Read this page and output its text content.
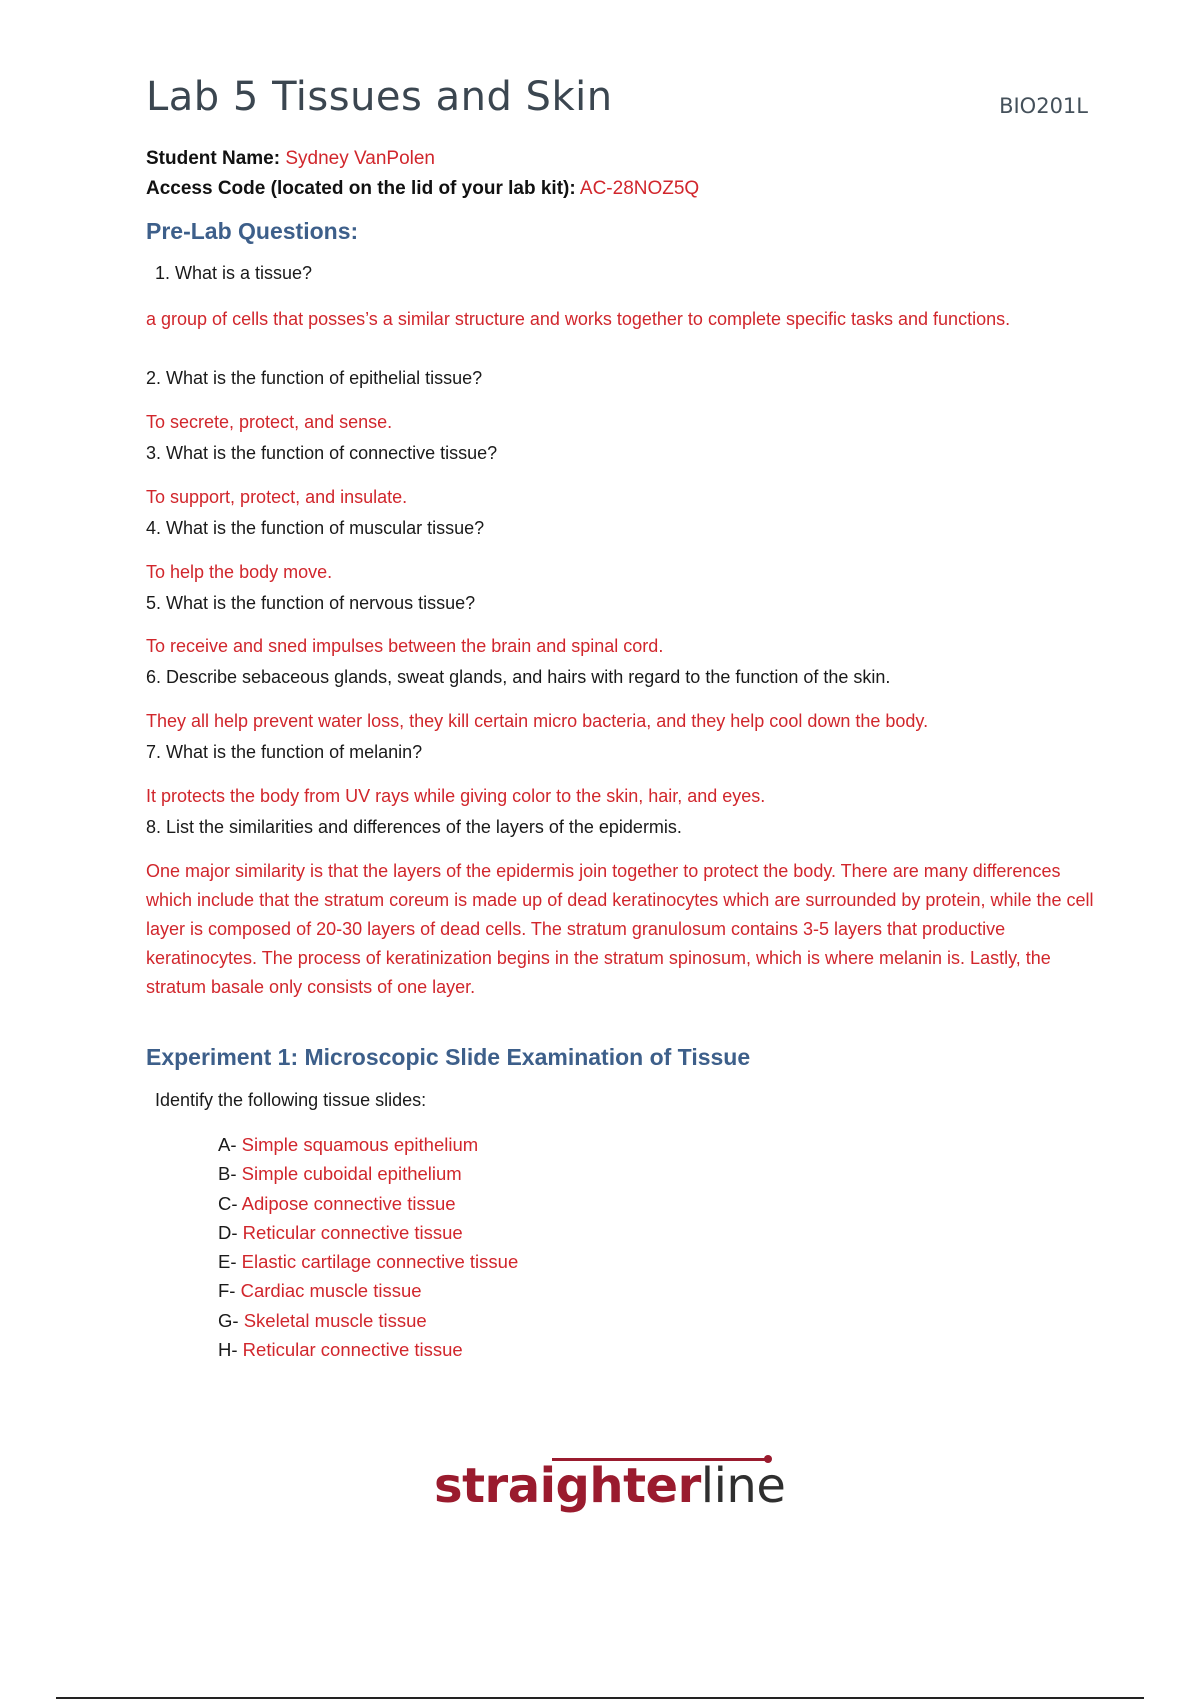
Lab 5 Tissues and Skin	BIO201L
Student Name: Sydney VanPolen
Access Code (located on the lid of your lab kit): AC-28NOZ5Q
Pre-Lab Questions:
1. What is a tissue?
a group of cells that posses’s a similar structure and works together to complete specific tasks and functions.
2. What is the function of epithelial tissue?
To secrete, protect, and sense.
3. What is the function of connective tissue?
To support, protect, and insulate.
4. What is the function of muscular tissue?
To help the body move.
5. What is the function of nervous tissue?
To receive and sned impulses between the brain and spinal cord.
6. Describe sebaceous glands, sweat glands, and hairs with regard to the function of the skin.
They all help prevent water loss, they kill certain micro bacteria, and they help cool down the body.
7. What is the function of melanin?
It protects the body from UV rays while giving color to the skin, hair, and eyes.
8. List the similarities and differences of the layers of the epidermis.
One major similarity is that the layers of the epidermis join together to protect the body. There are many differences which include that the stratum coreum is made up of dead keratinocytes which are surrounded by protein, while the cell layer is composed of 20-30 layers of dead cells. The stratum granulosum contains 3-5 layers that productive keratinocytes. The process of keratinization begins in the stratum spinosum, which is where melanin is. Lastly, the stratum basale only consists of one layer.
Experiment 1: Microscopic Slide Examination of Tissue
Identify the following tissue slides:
A- Simple squamous epithelium
B- Simple cuboidal epithelium
C- Adipose connective tissue
D- Reticular connective tissue
E- Elastic cartilage connective tissue
F- Cardiac muscle tissue
G- Skeletal muscle tissue
H- Reticular connective tissue
straighterline
